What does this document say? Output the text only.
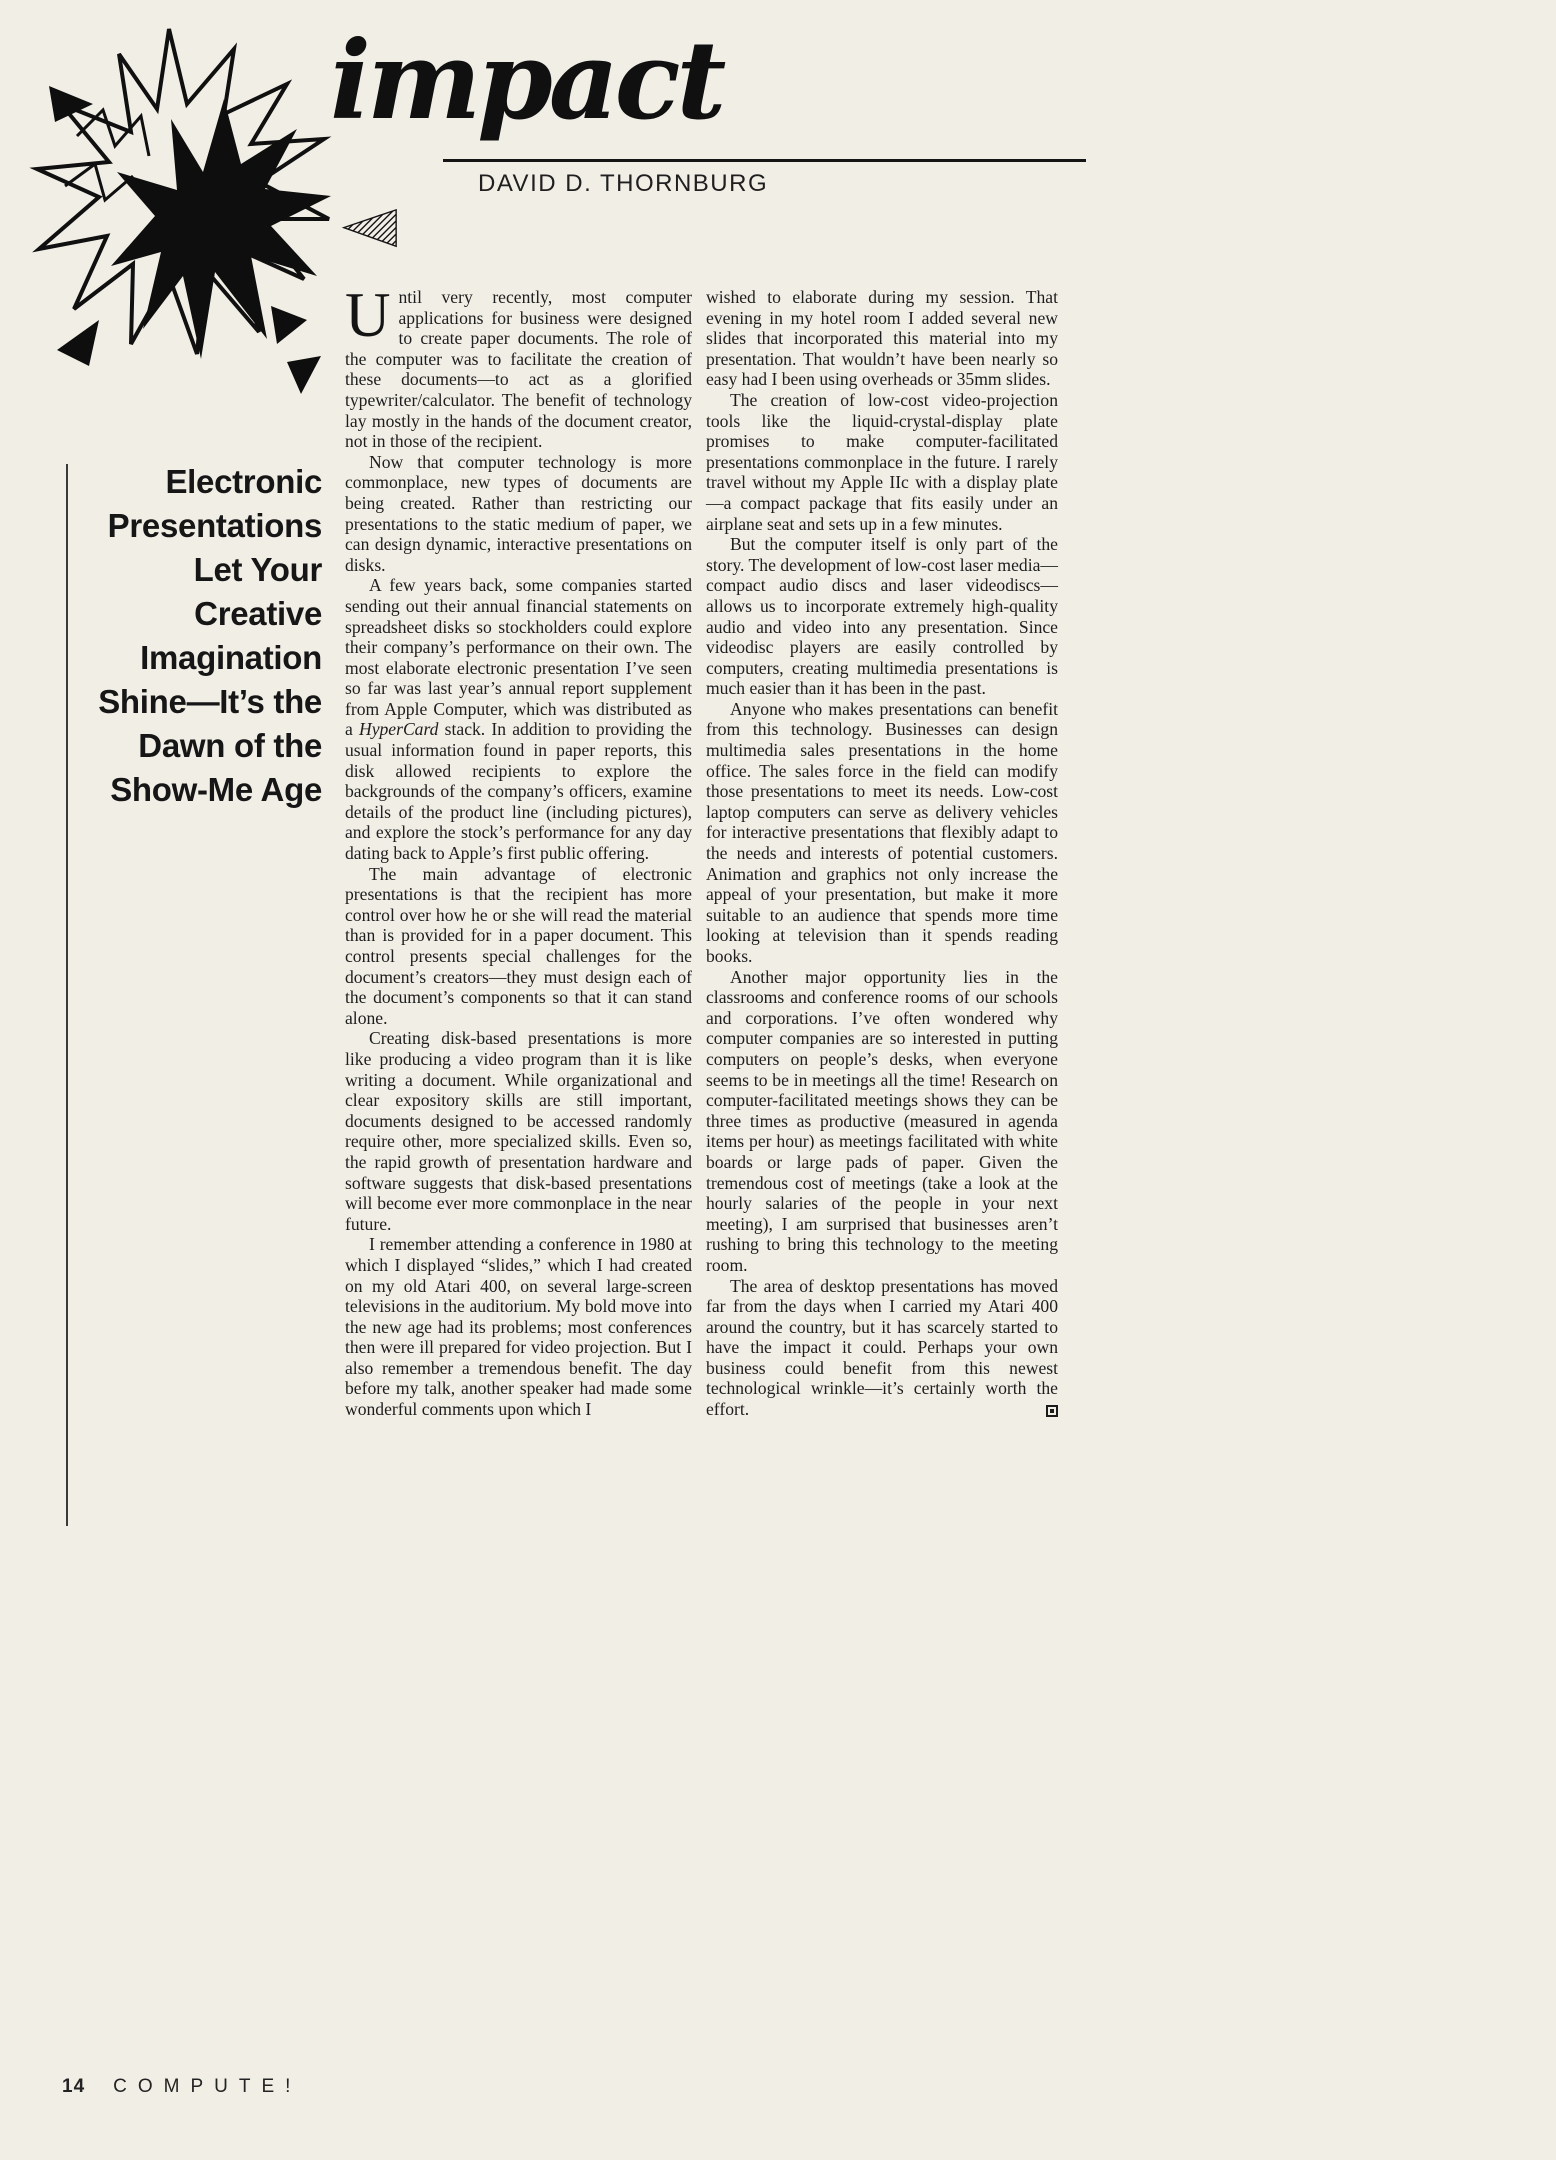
impact
DAVID D. THORNBURG
Electronic
Presentations
Let Your
Creative
Imagination
Shine—It’s the
Dawn of the
Show-Me Age

Until very recently, most computer applications for business were designed to create paper documents. The role of the computer was to facilitate the creation of these documents—to act as a glorified typewriter/calculator. The benefit of technology lay mostly in the hands of the document creator, not in those of the recipient.

Now that computer technology is more commonplace, new types of documents are being created. Rather than restricting our presentations to the static medium of paper, we can design dynamic, interactive presentations on disks.

A few years back, some companies started sending out their annual financial statements on spreadsheet disks so stockholders could explore their company’s performance on their own. The most elaborate electronic presentation I’ve seen so far was last year’s annual report supplement from Apple Computer, which was distributed as a HyperCard stack. In addition to providing the usual information found in paper reports, this disk allowed recipients to explore the backgrounds of the company’s officers, examine details of the product line (including pictures), and explore the stock’s performance for any day dating back to Apple’s first public offering.

The main advantage of electronic presentations is that the recipient has more control over how he or she will read the material than is provided for in a paper document. This control presents special challenges for the document’s creators—they must design each of the document’s components so that it can stand alone.

Creating disk-based presentations is more like producing a video program than it is like writing a document. While organizational and clear expository skills are still important, documents designed to be accessed randomly require other, more specialized skills. Even so, the rapid growth of presentation hardware and software suggests that disk-based presentations will become ever more commonplace in the near future.

I remember attending a conference in 1980 at which I displayed “slides,” which I had created on my old Atari 400, on several large-screen televisions in the auditorium. My bold move into the new age had its problems; most conferences then were ill prepared for video projection. But I also remember a tremendous benefit. The day before my talk, another speaker had made some wonderful comments upon which I

wished to elaborate during my session. That evening in my hotel room I added several new slides that incorporated this material into my presentation. That wouldn’t have been nearly so easy had I been using overheads or 35mm slides.

The creation of low-cost video-projection tools like the liquid-crystal-display plate promises to make computer-facilitated presentations commonplace in the future. I rarely travel without my Apple IIc with a display plate—a compact package that fits easily under an airplane seat and sets up in a few minutes.

But the computer itself is only part of the story. The development of low-cost laser media—compact audio discs and laser videodiscs—allows us to incorporate extremely high-quality audio and video into any presentation. Since videodisc players are easily controlled by computers, creating multimedia presentations is much easier than it has been in the past.

Anyone who makes presentations can benefit from this technology. Businesses can design multimedia sales presentations in the home office. The sales force in the field can modify those presentations to meet its needs. Low-cost laptop computers can serve as delivery vehicles for interactive presentations that flexibly adapt to the needs and interests of potential customers. Animation and graphics not only increase the appeal of your presentation, but make it more suitable to an audience that spends more time looking at television than it spends reading books.

Another major opportunity lies in the classrooms and conference rooms of our schools and corporations. I’ve often wondered why computer companies are so interested in putting computers on people’s desks, when everyone seems to be in meetings all the time! Research on computer-facilitated meetings shows they can be three times as productive (measured in agenda items per hour) as meetings facilitated with white boards or large pads of paper. Given the tremendous cost of meetings (take a look at the hourly salaries of the people in your next meeting), I am surprised that businesses aren’t rushing to bring this technology to the meeting room.

The area of desktop presentations has moved far from the days when I carried my Atari 400 around the country, but it has scarcely started to have the impact it could. Perhaps your own business could benefit from this newest technological wrinkle—it’s certainly worth the effort.

14 COMPUTE!
